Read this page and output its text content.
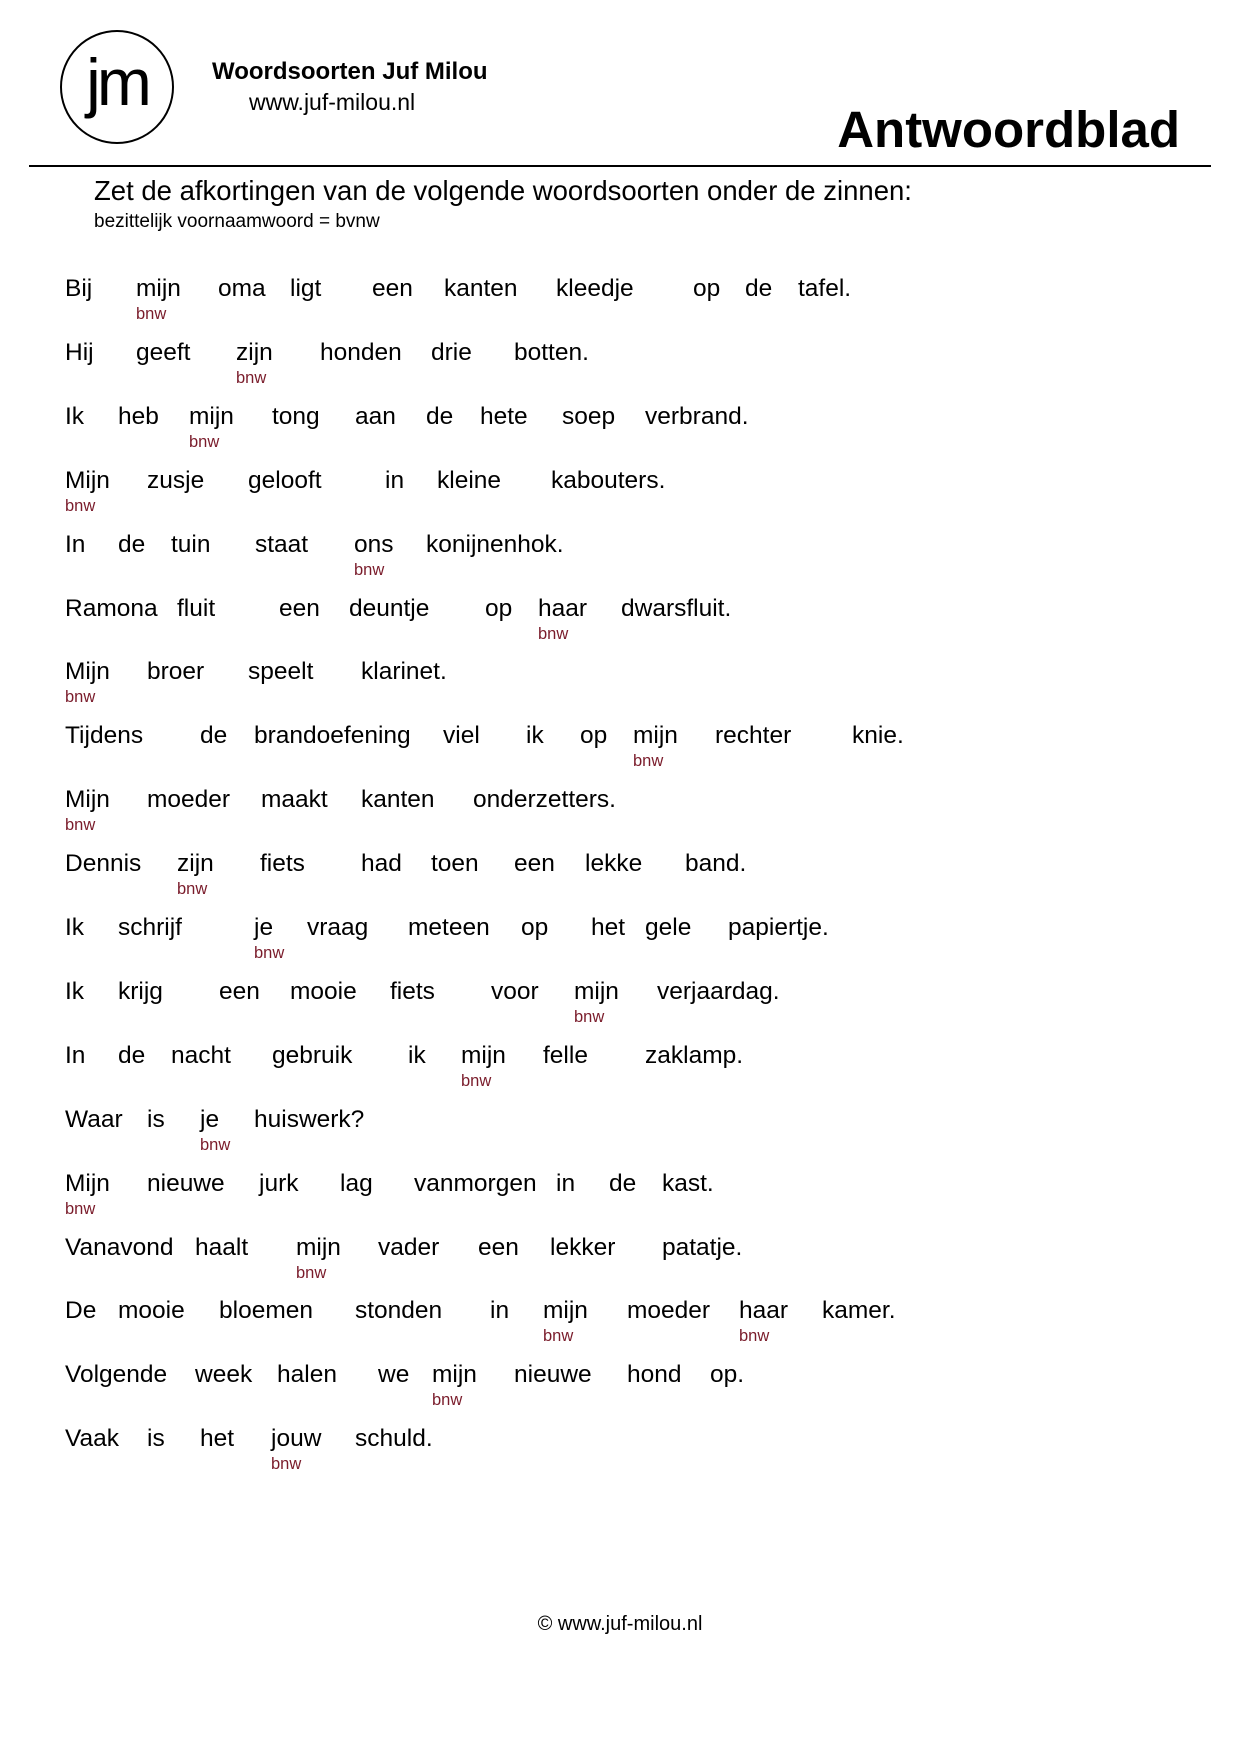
jm	Woordsoorten Juf Milou
www.juf-milou.nl	Antwoordblad
Zet de afkortingen van de volgende woordsoorten onder de zinnen:
bezittelijk voornaamwoord = bvnw
Bij mijn
bnw
oma ligt een kanten kleedje op de tafel.
Hij geeft zijn
bnw
honden drie botten.
Ik heb mijn
bnw
tong aan de hete soep verbrand.
Mijn
bnw
zusje gelooft	in kleine kabouters.
In de tuin staat ons
bnw
konijnenhok.
Ramona fluit	een deuntje op haar
bnw
dwarsfluit.
Mijn
bnw
broer speelt klarinet.
Tijdens de brandoefening viel ik op mijn
bnw
rechter knie.
Mijn
bnw
moeder maakt kanten onderzetters.
Dennis zijn
bnw
fiets had toen een lekke band.
Ik schrijf	je
bnw
vraag meteen op het gele papiertje.
Ik krijg een mooie fiets voor mijn
bnw
verjaardag.
In de nacht gebruik ik mijn
bnw
felle zaklamp.
Waar is je
bnw
huiswerk?
Mijn
bnw
nieuwe jurk lag vanmorgen in de kast.
Vanavond haalt mijn
bnw
vader een lekker patatje.
De mooie bloemen stonden in mijn
bnw
moeder haar
bnw
kamer.
Volgende week halen we mijn
bnw
nieuwe hond op.
Vaak is het jouw
bnw
schuld.
© www.juf-milou.nl
